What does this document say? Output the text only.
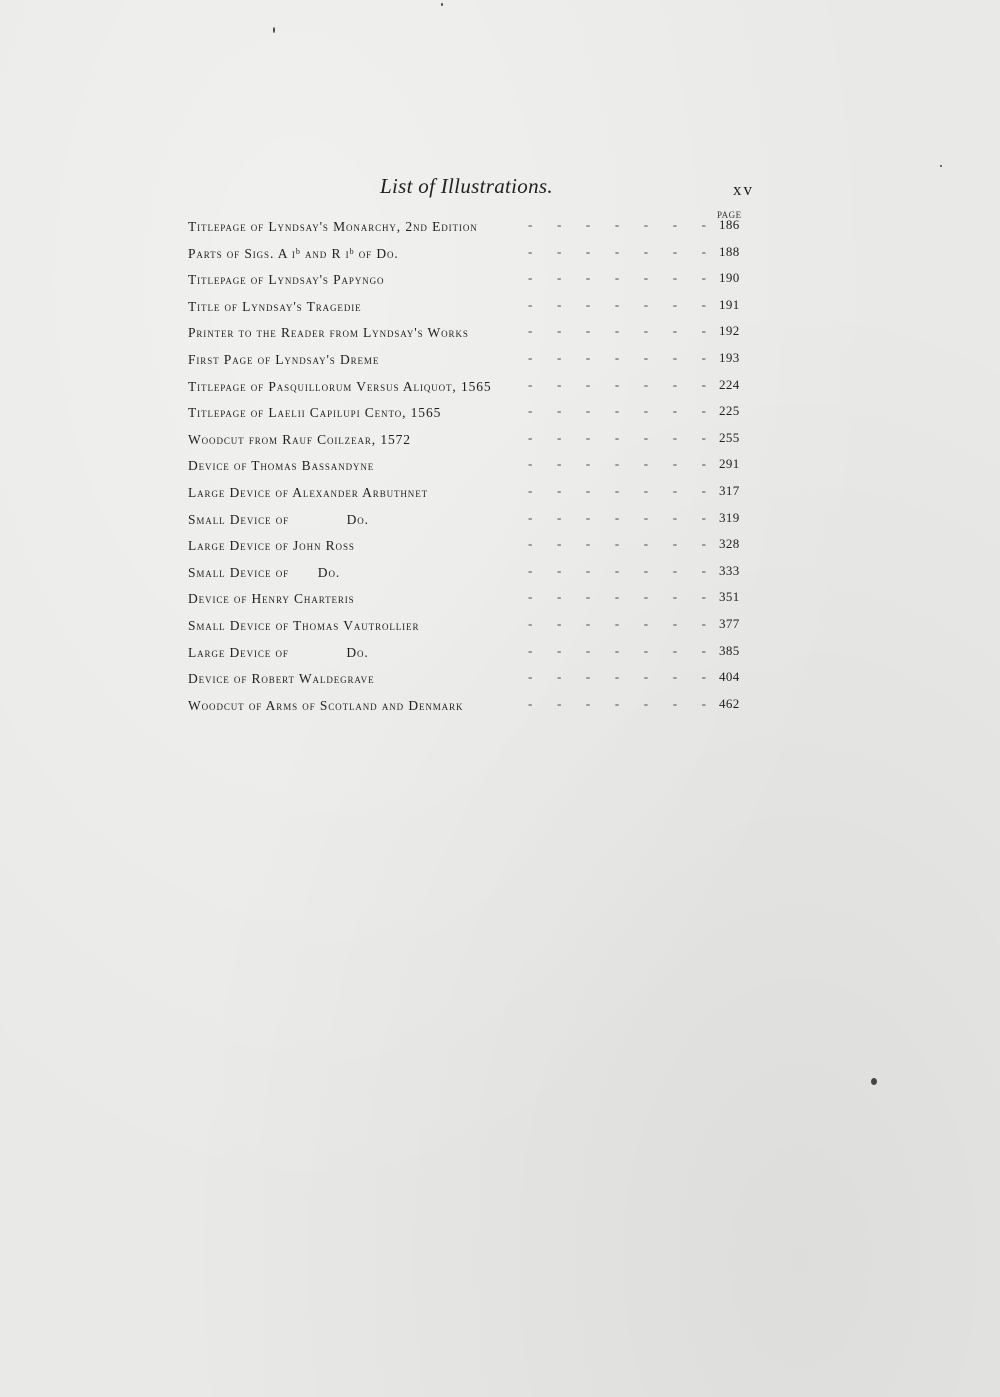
List of Illustrations.	xv
PAGE
Titlepage of Lyndsay's Monarchy, 2nd Edition	- - - - - - - 186
Parts of Sigs. A $i^b$ and R $i^b$ of Do.	- - - - - - - 188
Titlepage of Lyndsay's Papyngo	- - - - - - - 190
Title of Lyndsay's Tragedie	- - - - - - - 191
Printer to the Reader from Lyndsay's Works	- - - - - - - 192
First Page of Lyndsay's Dreme	- - - - - - - 193
Titlepage of Pasquillorum Versus Aliquot, 1565	- - - - - - - 224
Titlepage of Laelii Capilupi Cento, 1565	- - - - - - - 225
Woodcut from Rauf Coilzear, 1572	- - - - - - - 255
Device of Thomas Bassandyne	- - - - - - - 291
Large Device of Alexander Arbuthnet	- - - - - - - 317
Small Device of    Do.	- - - - - - - 319
Large Device of John Ross	- - - - - - - 328
Small Device of  Do.	- - - - - - - 333
Device of Henry Charteris	- - - - - - - 351
Small Device of Thomas Vautrollier	- - - - - - - 377
Large Device of    Do.	- - - - - - - 385
Device of Robert Waldegrave	- - - - - - - 404
Woodcut of Arms of Scotland and Denmark	- - - - - - - 462
